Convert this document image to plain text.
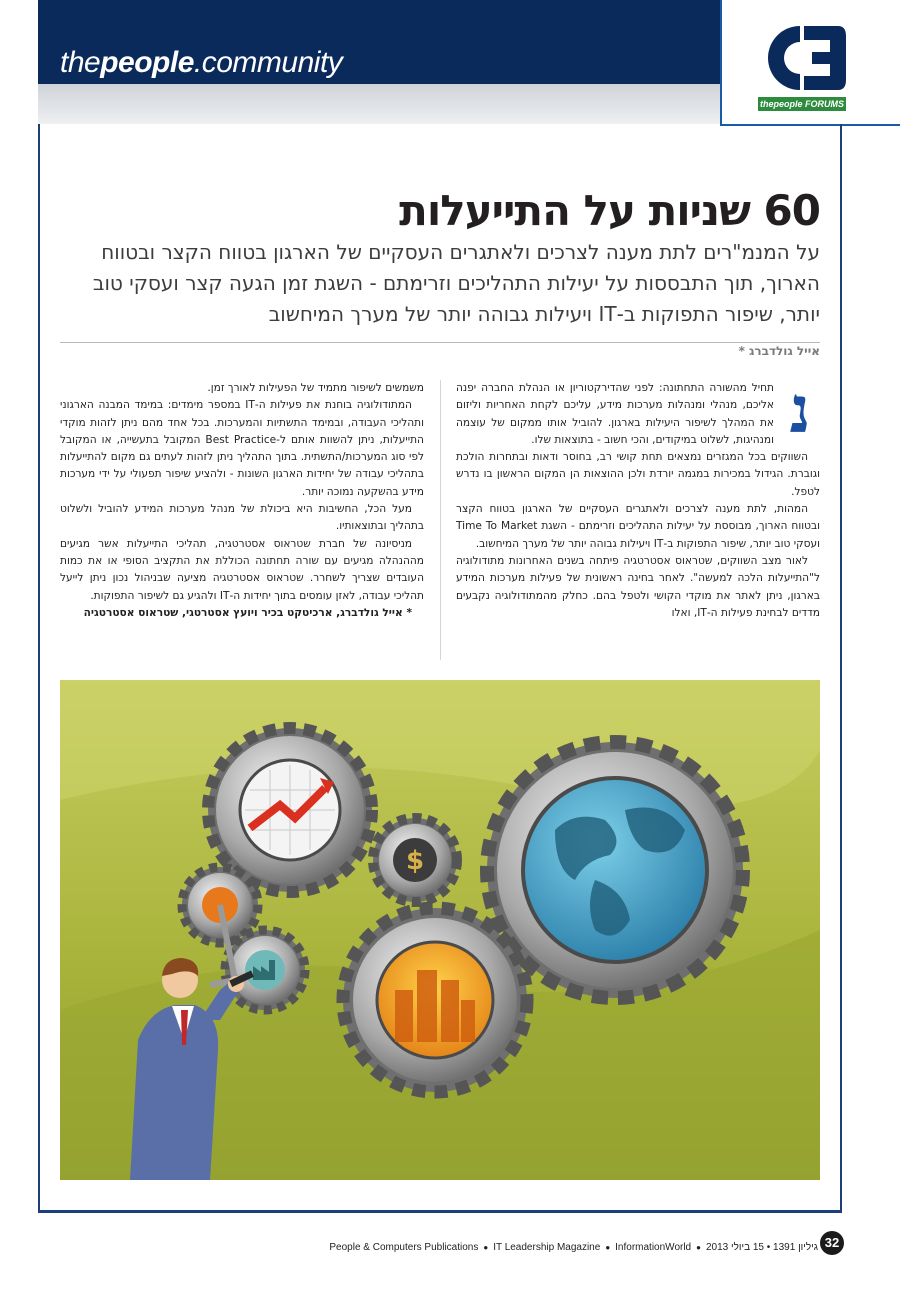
thepeople.community
thepeople FORUMS
60 שניות על התייעלות

על המנמ"רים לתת מענה לצרכים ולאתגרים העסקיים של הארגון בטווח הקצר ובטווח הארוך, תוך התבססות על יעילות התהליכים וזרימתם - השגת זמן הגעה קצר ועסקי טוב יותר, שיפור התפוקות ב-IT ויעילות גבוהה יותר של מערך המיחשוב

אייל גולדברג *

נ
תחיל מהשורה התחתונה: לפני שהדירקטוריון או הנהלת החברה יפנה אליכם, מנהלי ומנהלות מערכות מידע, עליכם לקחת האחריות וליזום את המהלך לשיפור היעילות בארגון. להוביל אותו ממקום של עוצמה ומנהיגות, לשלוט במיקודים, והכי חשוב - בתוצאות שלו.

השווקים בכל המגזרים נמצאים תחת קושי רב, בחוסר ודאות ובתחרות הולכת וגוברת. הגידול במכירות במגמה יורדת ולכן ההוצאות הן המקום הראשון בו נדרש לטפל.

המהות, לתת מענה לצרכים ולאתגרים העסקיים של הארגון בטווח הקצר ובטווח הארוך, מבוססת על יעילות התהליכים וזרימתם - השגת Time To Market ועסקי טוב יותר, שיפור התפוקות ב-IT ויעילות גבוהה יותר של מערך המיחשוב.

לאור מצב השווקים, שטראוס אסטרטגיה פיתחה בשנים האחרונות מתודולוגיה ל"התייעלות הלכה למעשה". לאחר בחינה ראשונית של פעילות מערכות המידע בארגון, ניתן לאתר את מוקדי הקושי ולטפל בהם. כחלק מהמתודולוגיה נקבעים מדדים לבחינת פעילות ה-IT, ואלו

משמשים לשיפור מתמיד של הפעילות לאורך זמן.

המתודולוגיה בוחנת את פעילות ה-IT במספר מימדים: במימד המבנה הארגוני ותהליכי העבודה, ובמימד התשתיות והמערכות. בכל אחד מהם ניתן לזהות מוקדי התייעלות, ניתן להשוות אותם ל-Best Practice המקובל בתעשייה, או המקובל לפי סוג המערכות/התשתית. בתוך התהליך ניתן לזהות לעתים גם מקום להתייעלות בתהליכי עבודה של יחידות הארגון השונות - ולהציע שיפור תפעולי על ידי מערכות מידע בהשקעה נמוכה יותר.

מעל הכל, החשיבות היא ביכולת של מנהל מערכות המידע להוביל ולשלוט בתהליך ובתוצאותיו.

מניסיונה של חברת שטראוס אסטרטגיה, תהליכי התייעלות אשר מגיעים מההנהלה מגיעים עם שורה תחתונה הכוללת את התקציב הסופי או את כמות העובדים שצריך לשחרר. שטראוס אסטרטגיה מציעה שבניהול נכון ניתן לייעל תהליכי עבודה, לאזן עומסים בתוך יחידות ה-IT ולהגיע גם לשיפור התפוקות.

* אייל גולדברג, ארכיטקט בכיר ויועץ אסטרטגי, שטראוס אסטרטגיה

$
People & Computers Publications ● IT Leadership Magazine ● InformationWorld ● גיליון 1391 • 15 ביולי 2013 32
